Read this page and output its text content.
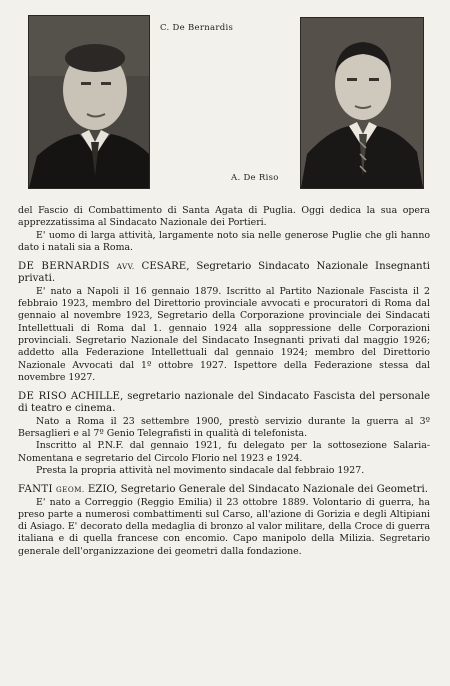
C. De Bernardis
A. De Riso

del Fascio di Combattimento di Santa Agata di Puglia. Oggi dedica la sua opera apprezzatissima al Sindacato Nazionale dei Portieri.

E' uomo di larga attività, largamente noto sia nelle generose Puglie che gli hanno dato i natali sia a Roma.

DE BERNARDIS AVV. CESARE, Segretario Sindacato Nazionale Insegnanti privati.

E' nato a Napoli il 16 gennaio 1879. Iscritto al Partito Nazionale Fascista il 2 febbraio 1923, membro del Direttorio provinciale avvocati e procuratori di Roma dal gennaio al novembre 1923, Segretario della Corporazione provinciale dei Sindacati Intellettuali di Roma dal 1. gennaio 1924 alla soppressione delle Corporazioni provinciali. Segretario Nazionale del Sindacato Insegnanti privati dal maggio 1926; addetto alla Federazione Intellettuali dal gennaio 1924; membro del Direttorio Nazionale Avvocati dal 1º ottobre 1927. Ispettore della Federazione stessa dal novembre 1927.

DE RISO ACHILLE, segretario nazionale del Sindacato Fascista del personale di teatro e cinema.

Nato a Roma il 23 settembre 1900, prestò servizio durante la guerra al 3º Bersaglieri e al 7º Genio Telegrafisti in qualità di telefonista.

Inscritto al P.N.F. dal gennaio 1921, fu delegato per la sottosezione Salaria-Nomentana e segretario del Circolo Florio nel 1923 e 1924.

Presta la propria attività nel movimento sindacale dal febbraio 1927.

FANTI GEOM. EZIO, Segretario Generale del Sindacato Nazionale dei Geometri.

E' nato a Correggio (Reggio Emilia) il 23 ottobre 1889. Volontario di guerra, ha preso parte a numerosi combattimenti sul Carso, all'azione di Gorizia e degli Altipiani di Asiago. E' decorato della medaglia di bronzo al valor militare, della Croce di guerra italiana e di quella francese con encomio. Capo manipolo della Milizia. Segretario generale dell'organizzazione dei geometri dalla fondazione.
